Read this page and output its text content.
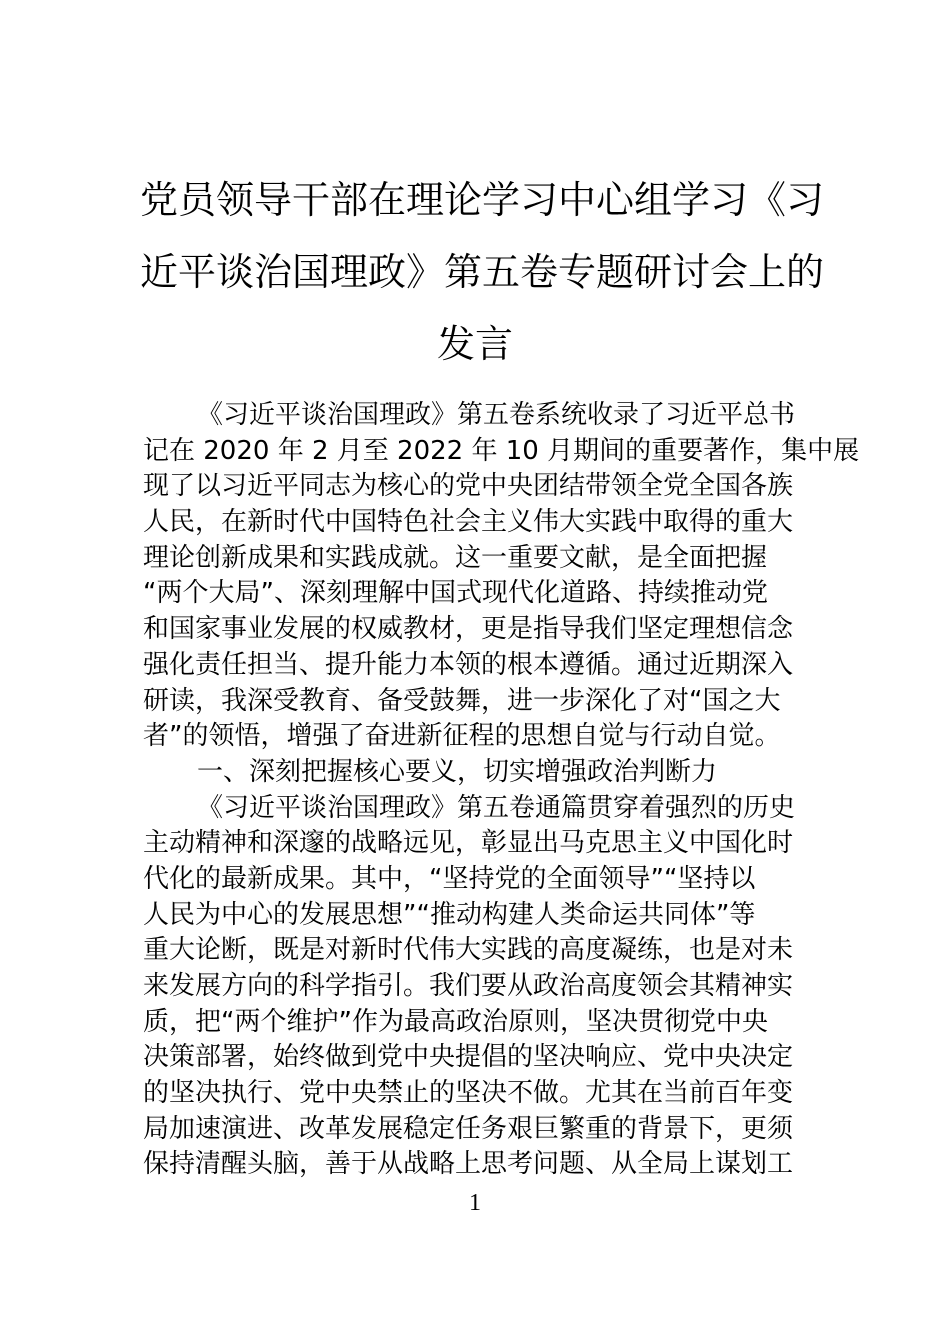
党员领导干部在理论学习中心组学习《习
近平谈治国理政》第五卷专题研讨会上的
发言
《习近平谈治国理政》第五卷系统收录了习近平总书
记在 2020 年 2 月至 2022 年 10 月期间的重要著作，集中展
现了以习近平同志为核心的党中央团结带领全党全国各族
人民，在新时代中国特色社会主义伟大实践中取得的重大
理论创新成果和实践成就。这一重要文献，是全面把握
“两个大局”、深刻理解中国式现代化道路、持续推动党
和国家事业发展的权威教材，更是指导我们坚定理想信念
强化责任担当、提升能力本领的根本遵循。通过近期深入
研读，我深受教育、备受鼓舞，进一步深化了对“国之大
者”的领悟，增强了奋进新征程的思想自觉与行动自觉。
一、深刻把握核心要义，切实增强政治判断力
《习近平谈治国理政》第五卷通篇贯穿着强烈的历史
主动精神和深邃的战略远见，彰显出马克思主义中国化时
代化的最新成果。其中，“坚持党的全面领导”“坚持以
人民为中心的发展思想”“推动构建人类命运共同体”等
重大论断，既是对新时代伟大实践的高度凝练，也是对未
来发展方向的科学指引。我们要从政治高度领会其精神实
质，把“两个维护”作为最高政治原则，坚决贯彻党中央
决策部署，始终做到党中央提倡的坚决响应、党中央决定
的坚决执行、党中央禁止的坚决不做。尤其在当前百年变
局加速演进、改革发展稳定任务艰巨繁重的背景下，更须
保持清醒头脑，善于从战略上思考问题、从全局上谋划工
1
